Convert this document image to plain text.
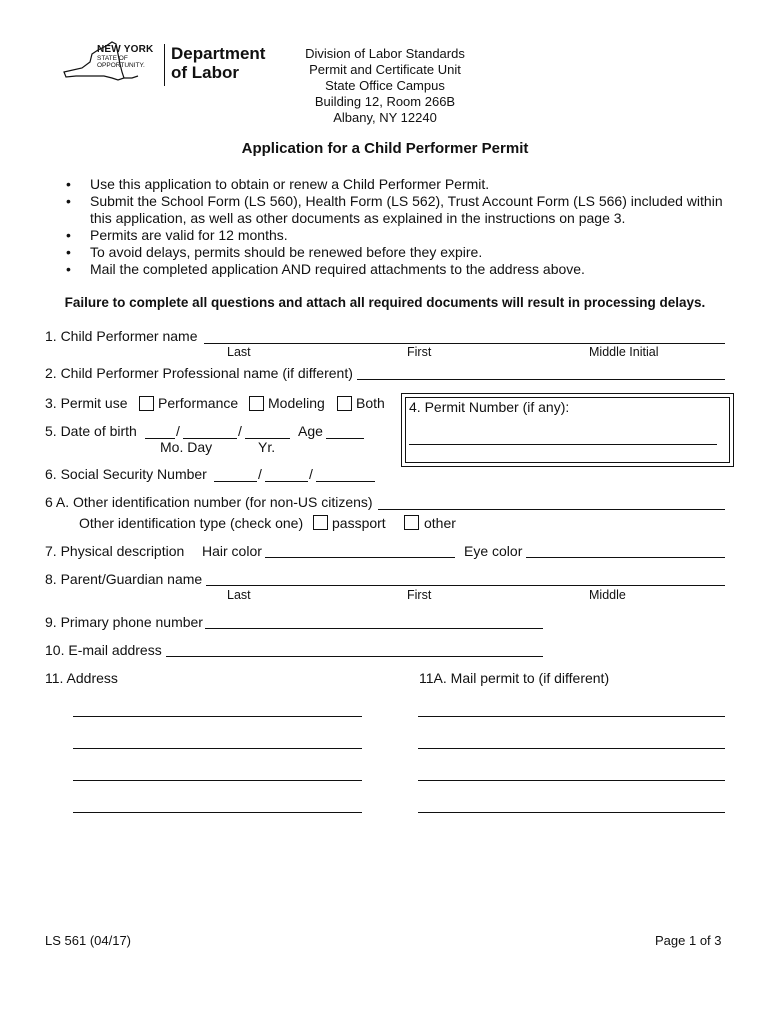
NEW YORK
STATE OF
OPPORTUNITY.
Department
of Labor
Division of Labor Standards
Permit and Certificate Unit
State Office Campus
Building 12, Room 266B
Albany, NY 12240
Application for a Child Performer Permit
• Use this application to obtain or renew a Child Performer Permit.
• Submit the School Form (LS 560), Health Form (LS 562), Trust Account Form (LS 566) included within
this application, as well as other documents as explained in the instructions on page 3.
• Permits are valid for 12 months.
• To avoid delays, permits should be renewed before they expire.
• Mail the completed application AND required attachments to the address above.
Failure to complete all questions and attach all required documents will result in processing delays.
1. Child Performer name
Last	First	Middle Initial
2. Child Performer Professional name (if different)
3. Permit use Performance Modeling Both 4. Permit Number (if any):
5. Date of birth	/	/	Age
Mo. Day	Yr.
6. Social Security Number	/	/
6 A. Other identification number (for non-US citizens)
Other identification type (check one) passport	other
7. Physical description Hair color	Eye color
8. Parent/Guardian name
Last	First	Middle
9. Primary phone number
10. E-mail address
11. Address	11A. Mail permit to (if different)
LS 561 (04/17)	Page 1 of 3
